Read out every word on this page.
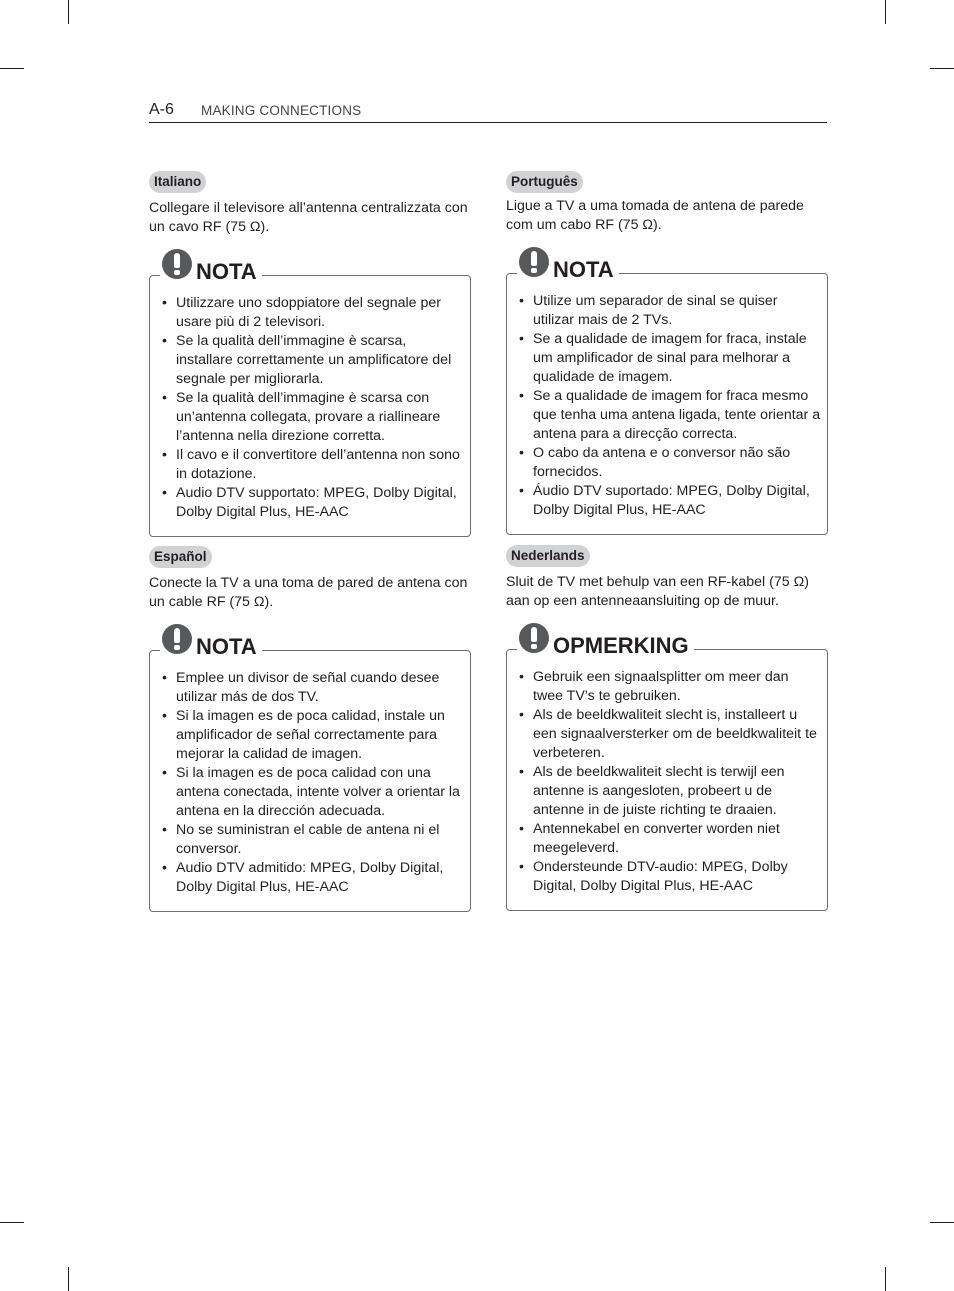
A-6 MAKING CONNECTIONS
Italiano

Collegare il televisore all’antenna centralizzata con un cavo RF (75 Ω).

NOTA
• Utilizzare uno sdoppiatore del segnale per usare più di 2 televisori.
• Se la qualità dell’immagine è scarsa, installare correttamente un amplificatore del segnale per migliorarla.
• Se la qualità dell’immagine è scarsa con un’antenna collegata, provare a riallineare l’antenna nella direzione corretta.
• Il cavo e il convertitore dell’antenna non sono in dotazione.
• Audio DTV supportato: MPEG, Dolby Digital, Dolby Digital Plus, HE-AAC
Português

Ligue a TV a uma tomada de antena de parede com um cabo RF (75 Ω).

NOTA
• Utilize um separador de sinal se quiser utilizar mais de 2 TVs.
• Se a qualidade de imagem for fraca, instale um amplificador de sinal para melhorar a qualidade de imagem.
• Se a qualidade de imagem for fraca mesmo que tenha uma antena ligada, tente orientar a antena para a direcção correcta.
• O cabo da antena e o conversor não são fornecidos.
• Áudio DTV suportado: MPEG, Dolby Digital, Dolby Digital Plus, HE-AAC
Español

Conecte la TV a una toma de pared de antena con un cable RF (75 Ω).

NOTA
• Emplee un divisor de señal cuando desee utilizar más de dos TV.
• Si la imagen es de poca calidad, instale un amplificador de señal correctamente para mejorar la calidad de imagen.
• Si la imagen es de poca calidad con una antena conectada, intente volver a orientar la antena en la dirección adecuada.
• No se suministran el cable de antena ni el conversor.
• Audio DTV admitido: MPEG, Dolby Digital, Dolby Digital Plus, HE-AAC
Nederlands

Sluit de TV met behulp van een RF-kabel (75 Ω) aan op een antenneaansluiting op de muur.

OPMERKING
• Gebruik een signaalsplitter om meer dan twee TV’s te gebruiken.
• Als de beeldkwaliteit slecht is, installeert u een signaalversterker om de beeldkwaliteit te verbeteren.
• Als de beeldkwaliteit slecht is terwijl een antenne is aangesloten, probeert u de antenne in de juiste richting te draaien.
• Antennekabel en converter worden niet meegeleverd.
• Ondersteunde DTV-audio: MPEG, Dolby Digital, Dolby Digital Plus, HE-AAC
